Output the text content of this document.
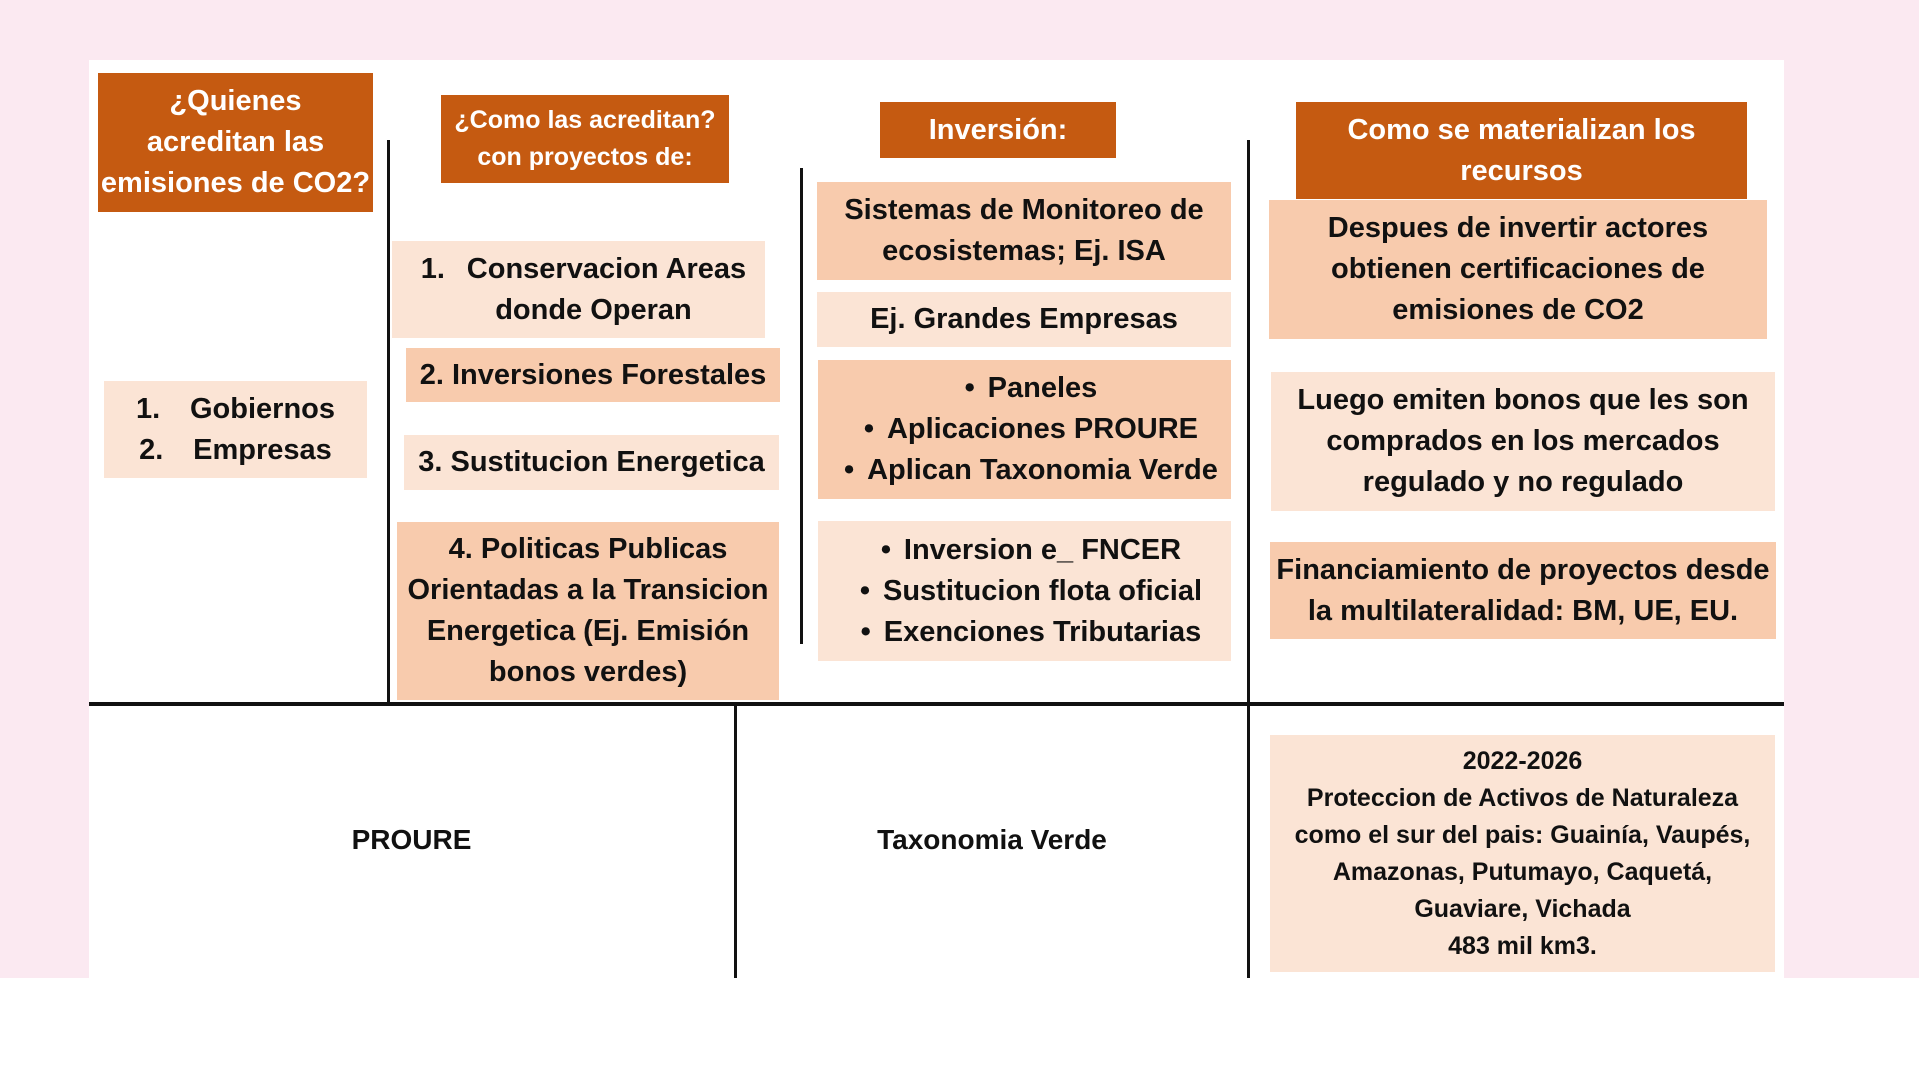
¿Quienes
acreditan las
emisiones de CO2?
¿Como las acreditan?
con proyectos de:
Inversión:	Como se materializan los
recursos
1.	Gobiernos
2.	Empresas
1. Conservacion Areas
donde Operan
2. Inversiones Forestales
3. Sustitucion Energetica
4. Politicas Publicas
Orientadas a la Transicion
Energetica (Ej. Emisión
bonos verdes)
Sistemas de Monitoreo de
ecosistemas; Ej. ISA
Ej. Grandes Empresas
• Paneles
• Aplicaciones PROURE
• Aplican Taxonomia Verde
• Inversion e_ FNCER
• Sustitucion flota oficial
• Exenciones Tributarias
Despues de invertir actores
obtienen certificaciones de
emisiones de CO2
Luego emiten bonos que les son
comprados en los mercados
regulado y no regulado
Financiamiento de proyectos desde
la multilateralidad: BM, UE, EU.
PROURE	Taxonomia Verde
2022-2026
Proteccion de Activos de Naturaleza
como el sur del pais: Guainía, Vaupés,
Amazonas, Putumayo, Caquetá,
Guaviare, Vichada
483 mil km3.
